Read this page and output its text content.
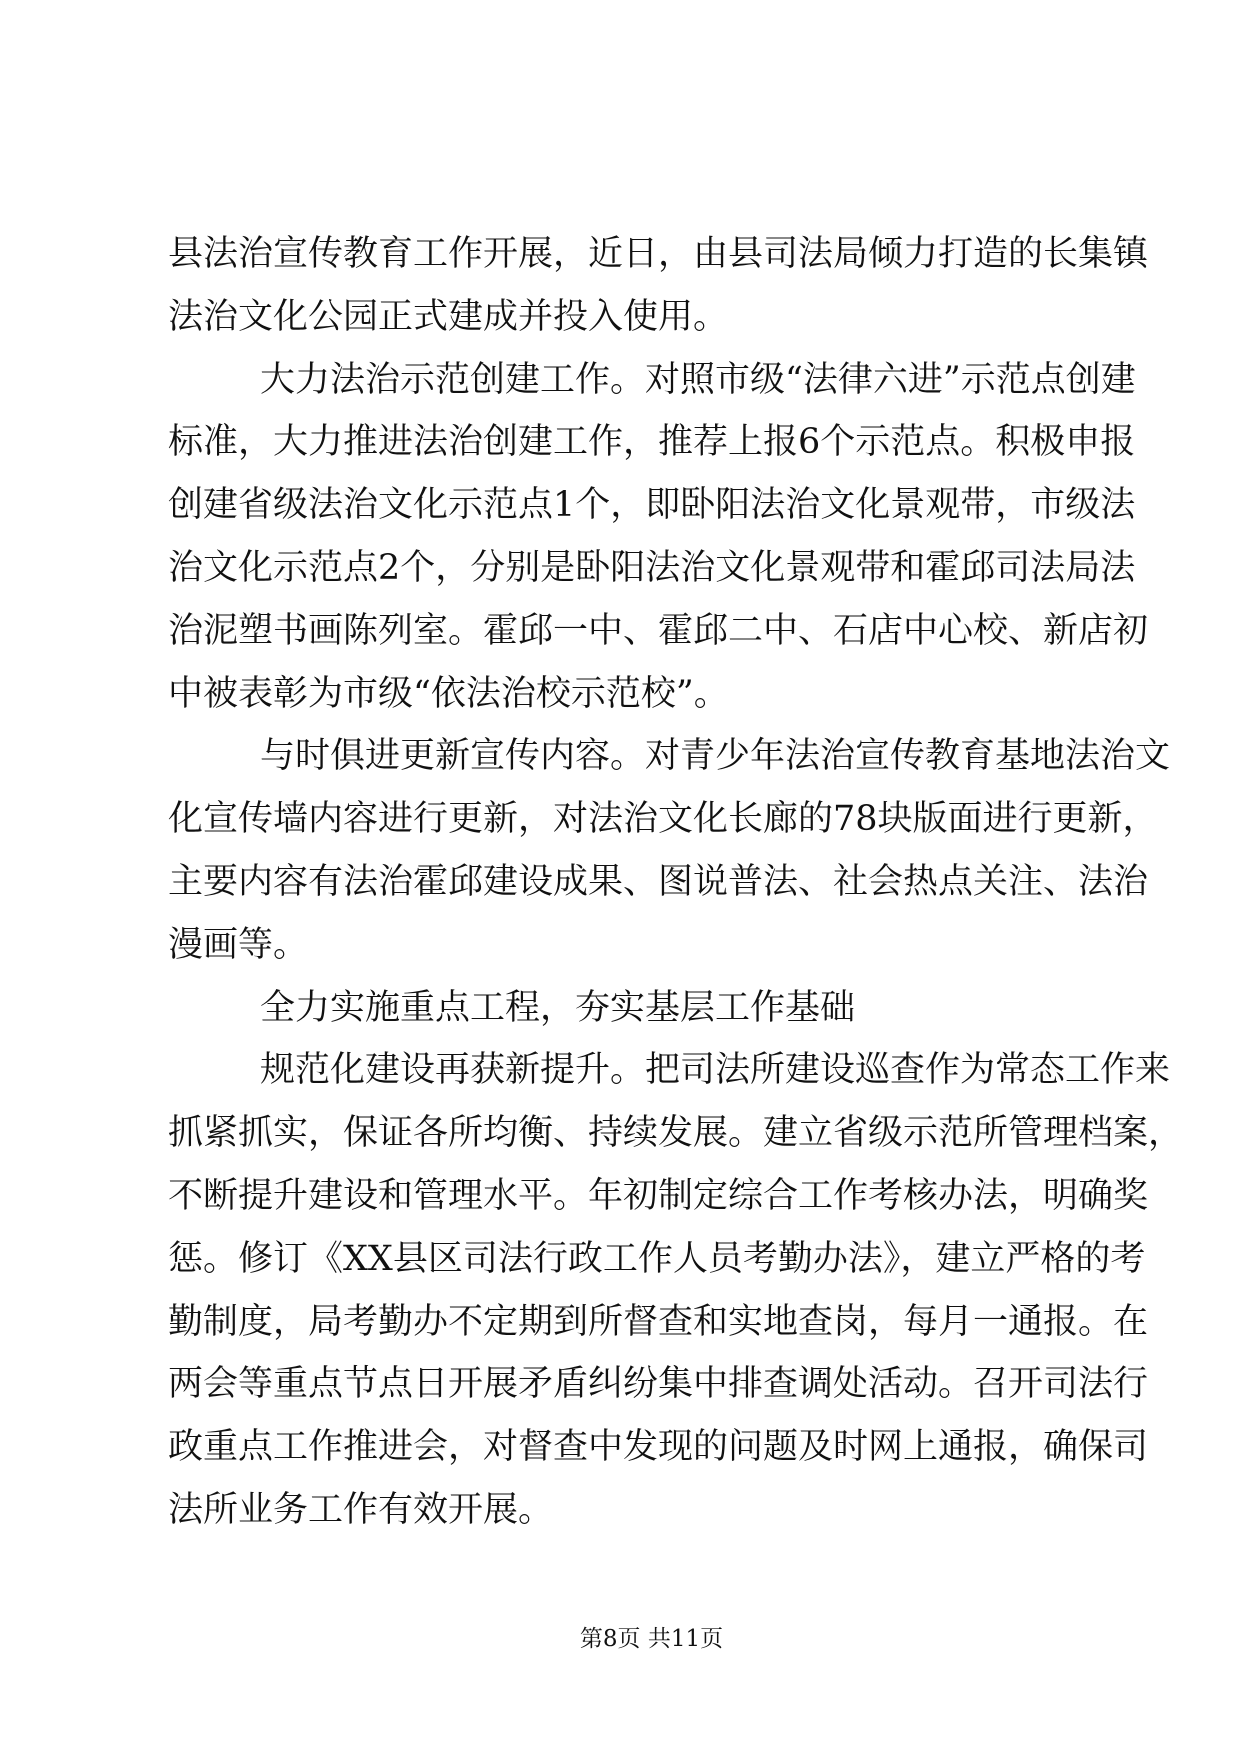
县法治宣传教育工作开展，近日，由县司法局倾力打造的长集镇
法治文化公园正式建成并投入使用。
大力法治示范创建工作。对照市级“法律六进”示范点创建
标准，大力推进法治创建工作，推荐上报6个示范点。积极申报
创建省级法治文化示范点1个，即卧阳法治文化景观带，市级法
治文化示范点2个，分别是卧阳法治文化景观带和霍邱司法局法
治泥塑书画陈列室。霍邱一中、霍邱二中、石店中心校、新店初
中被表彰为市级“依法治校示范校”。
与时俱进更新宣传内容。对青少年法治宣传教育基地法治文
化宣传墙内容进行更新，对法治文化长廊的78块版面进行更新，
主要内容有法治霍邱建设成果、图说普法、社会热点关注、法治
漫画等。
全力实施重点工程，夯实基层工作基础
规范化建设再获新提升。把司法所建设巡查作为常态工作来
抓紧抓实，保证各所均衡、持续发展。建立省级示范所管理档案，
不断提升建设和管理水平。年初制定综合工作考核办法，明确奖
惩。修订《XX县区司法行政工作人员考勤办法》，建立严格的考
勤制度，局考勤办不定期到所督查和实地查岗，每月一通报。在
两会等重点节点日开展矛盾纠纷集中排查调处活动。召开司法行
政重点工作推进会，对督查中发现的问题及时网上通报，确保司
法所业务工作有效开展。
第8页 共11页
